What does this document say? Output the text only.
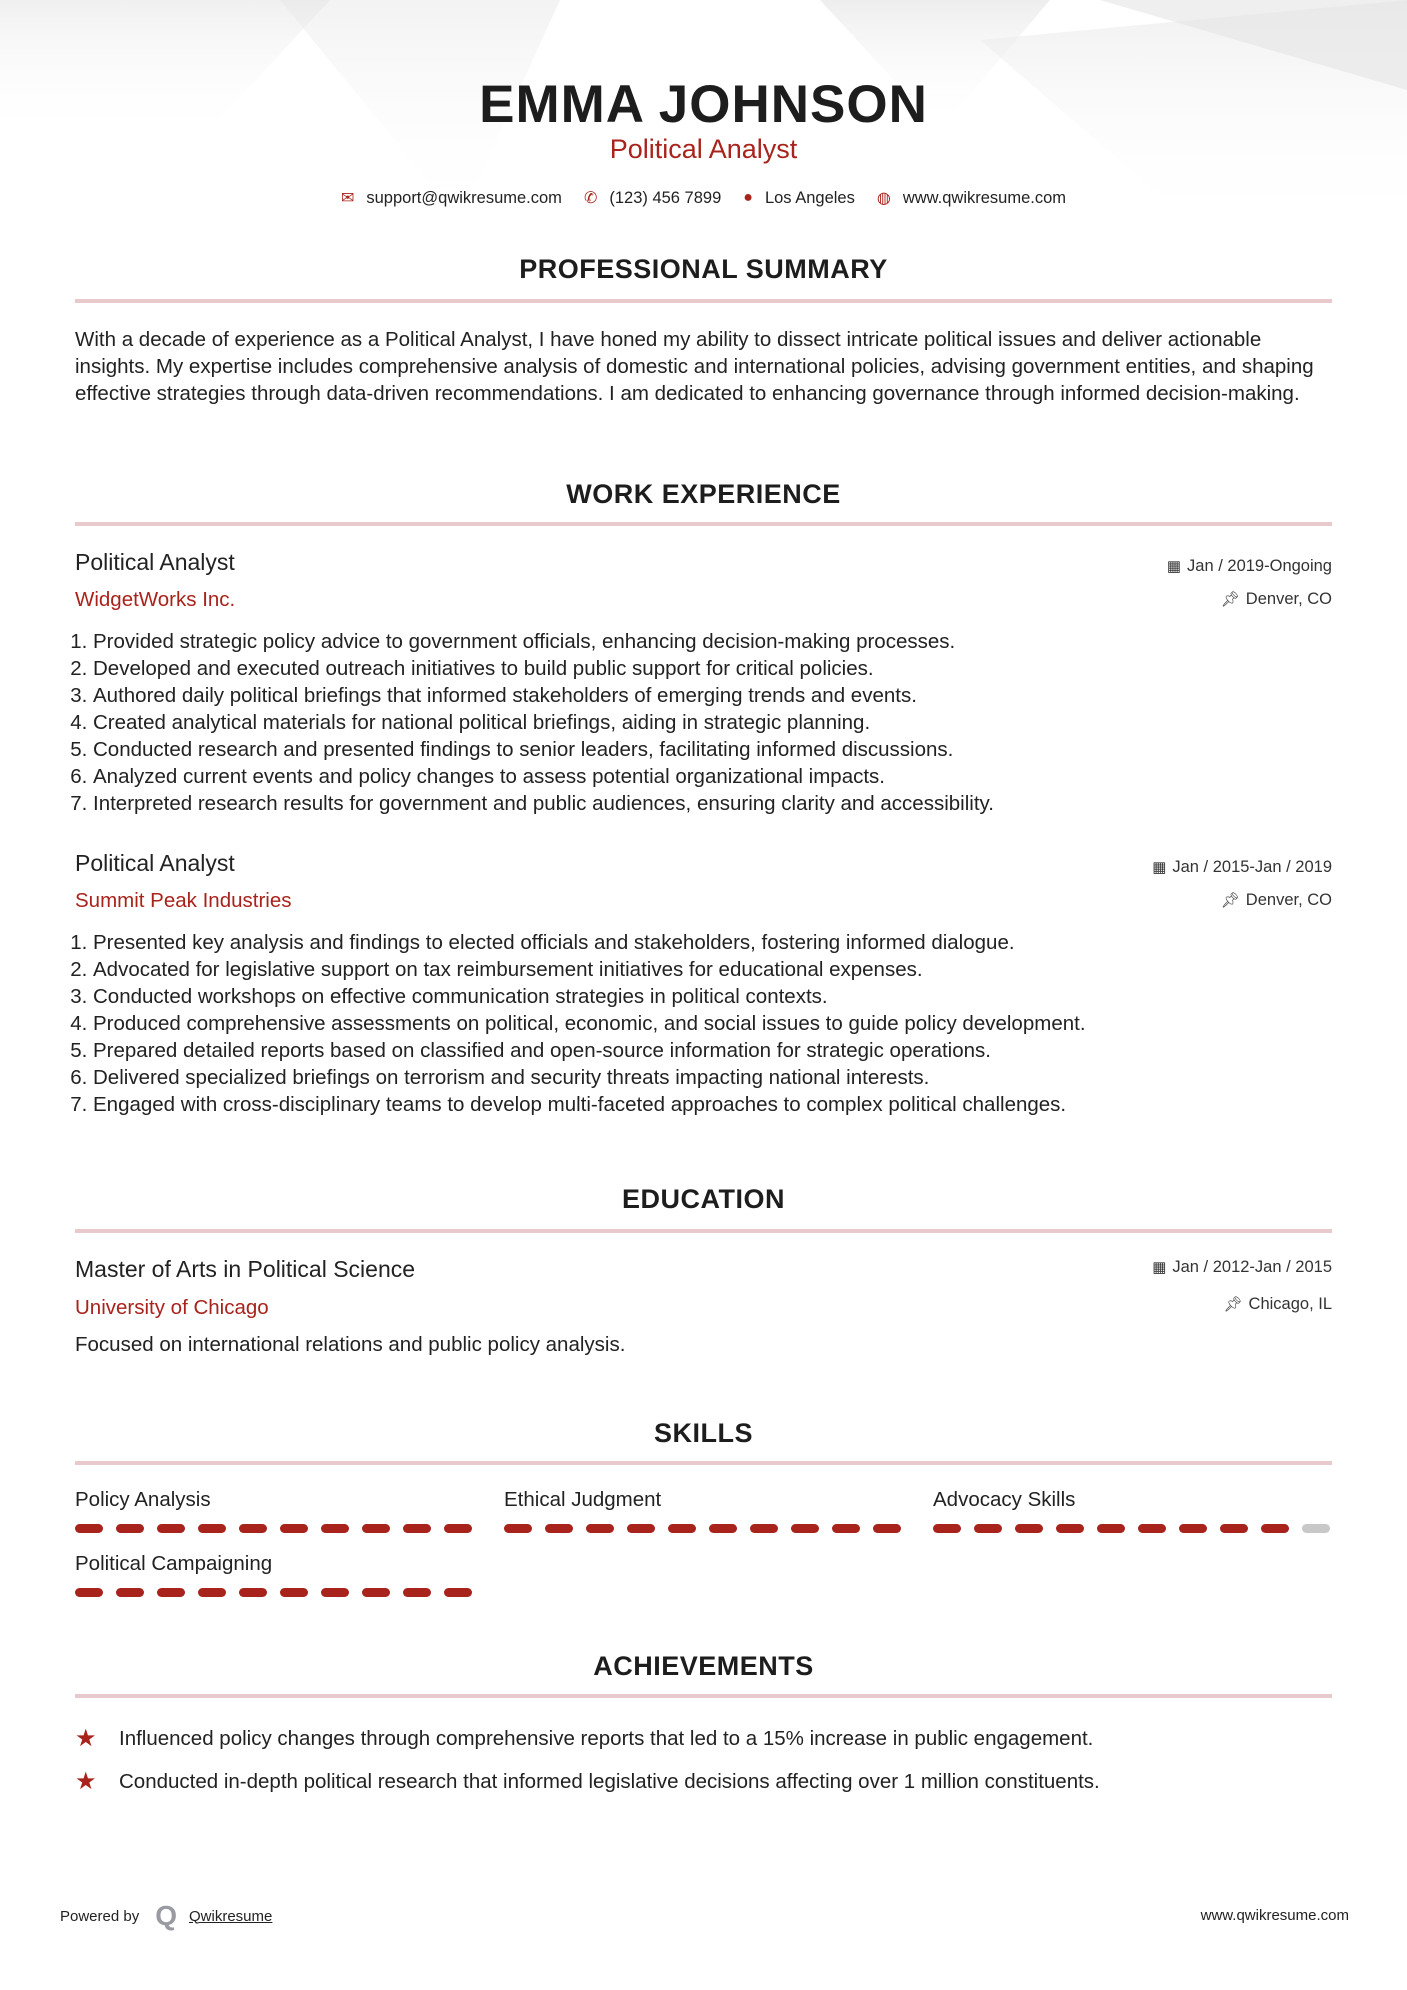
EMMA JOHNSON
Political Analyst
✉ support@qwikresume.com ✆ (123) 456 7899 ● Los Angeles ◍ www.qwikresume.com
PROFESSIONAL SUMMARY
With a decade of experience as a Political Analyst, I have honed my ability to dissect intricate political issues and deliver actionable insights. My expertise includes comprehensive analysis of domestic and international policies, advising government entities, and shaping effective strategies through data-driven recommendations. I am dedicated to enhancing governance through informed decision-making.
WORK EXPERIENCE
Political Analyst	▦ Jan / 2019-Ongoing
WidgetWorks Inc.	📌︎ Denver, CO
1. Provided strategic policy advice to government officials, enhancing decision-making processes.
2. Developed and executed outreach initiatives to build public support for critical policies.
3. Authored daily political briefings that informed stakeholders of emerging trends and events.
4. Created analytical materials for national political briefings, aiding in strategic planning.
5. Conducted research and presented findings to senior leaders, facilitating informed discussions.
6. Analyzed current events and policy changes to assess potential organizational impacts.
7. Interpreted research results for government and public audiences, ensuring clarity and accessibility.
Political Analyst	▦ Jan / 2015-Jan / 2019
Summit Peak Industries	📌︎ Denver, CO
1. Presented key analysis and findings to elected officials and stakeholders, fostering informed dialogue.
2. Advocated for legislative support on tax reimbursement initiatives for educational expenses.
3. Conducted workshops on effective communication strategies in political contexts.
4. Produced comprehensive assessments on political, economic, and social issues to guide policy development.
5. Prepared detailed reports based on classified and open-source information for strategic operations.
6. Delivered specialized briefings on terrorism and security threats impacting national interests.
7. Engaged with cross-disciplinary teams to develop multi-faceted approaches to complex political challenges.
EDUCATION
Master of Arts in Political Science	▦ Jan / 2012-Jan / 2015
University of Chicago	📌︎ Chicago, IL
Focused on international relations and public policy analysis.
SKILLS
Policy Analysis	Ethical Judgment	Advocacy Skills
Political Campaigning
ACHIEVEMENTS
★	Influenced policy changes through comprehensive reports that led to a 15% increase in public engagement.
★	Conducted in-depth political research that informed legislative decisions affecting over 1 million constituents.
Powered by Q Qwikresume	www.qwikresume.com
